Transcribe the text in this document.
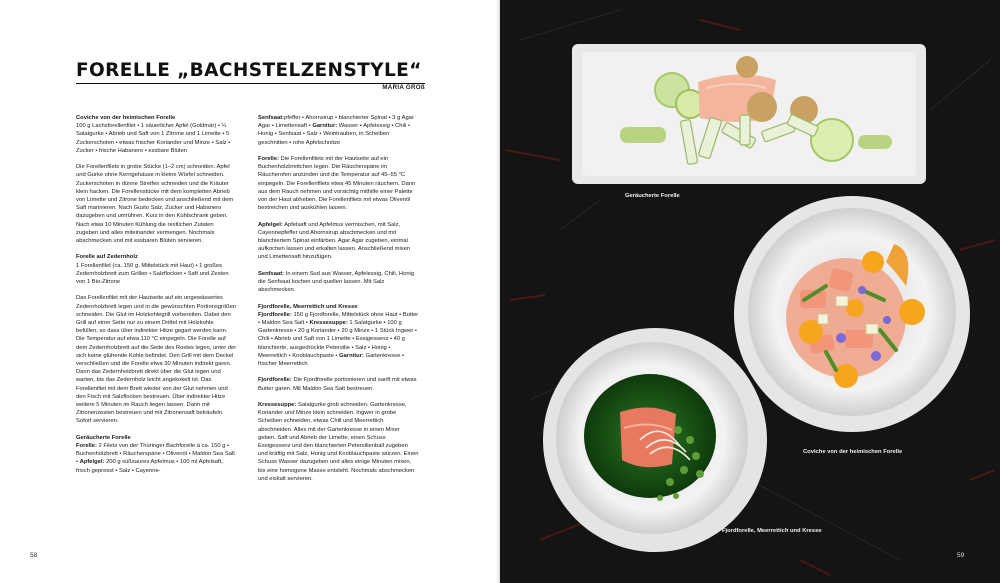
FORELLE „BACHSTELZENSTYLE“
MARIA GROß

Coviche von der heimischen Forelle

100 g Lachsforellenfilet • 1 säuerlicher Apfel (Goldmär) • ¼ Salatgurke • Abrieb und Saft von 1 Zitrone und 1 Limette • 5 Zuckerschoten • etwas frischer Koriander und Minze • Salz • Zucker • frische Habanero • essbare Blüten

Die Forellenfilets in grobe Stücke (1–2 cm) schneiden. Apfel und Gurke ohne Kerngehäuse in kleine Würfel schneiden. Zuckerschoten in dünne Streifen schneiden und die Kräuter klein hacken. Die Forellenstücke mit dem kompletten Abrieb von Limette und Zitrone bedecken und anschließend mit dem Saft marinieren. Nach Gusto Salz, Zucker und Habanero dazugeben und umrühren. Kurz in den Kühlschrank geben. Nach etwa 10 Minuten Kühlung die restlichen Zutaten zugeben und alles miteinander vermengen. Nochmals abschmecken und mit essbaren Blüten servieren.

Forelle auf Zedernholz

1 Forellenfilet (ca. 150 g, Mittelstück mit Haut) • 1 großes Zedernholzbrett zum Grillen • Salzflocken • Saft und Zesten von 1 Bio-Zitrone

Das Forellenfilet mit der Hautseite auf ein ungewässertes Zedernholzbrett legen und in die gewünschten Portionsgrößen schneiden. Die Glut im Holzkohlegrill vorbereiten. Dabei den Grill auf einer Seite nur zu einem Drittel mit Holzkohle befüllen, so dass über indirekter Hitze gegart werden kann. Die Temperatur auf etwa 110 °C einpegeln. Die Forelle auf dem Zedernholzbrett auf die Seite des Rostes legen, unter der sich keine glühende Kohle befindet. Den Grill mit dem Deckel verschließen und die Forelle etwa 30 Minuten indirekt garen. Dann das Zedernholzbrett direkt über die Glut legen und warten, bis das Zedernholz leicht angekokelt ist. Das Forellenfilet mit dem Brett wieder von der Glut nehmen und den Fisch mit Salzflocken bestreuen. Über indirekter Hitze weitere 5 Minuten im Rauch liegen lassen. Dann mit Zitronenzesten bestreuen und mit Zitronensaft beträufeln. Sofort servieren.

Geräucherte Forelle

Forelle: 2 Filets von der Thüringer Bachforelle à ca. 150 g • Buchenholzbrett • Räucherspäne • Olivenöl • Maldon Sea Salt • Apfelgel: 200 g süßsaures Apfelmus • 100 ml Apfelsaft, frisch gepresst • Salz • Cayenne-

Senfsaat:pfeffer • Ahornsirup • blanchierter Spinat • 3 g Agar Agar • Limettensaft • Garnitur: Wasser • Apfelessig • Chili • Honig • Senfsaat • Salz • Weintrauben, in Scheiben geschnitten • rohe Apfelschnitze

Forelle: Die Forellenfilets mit der Hautseite auf ein Buchenholzbrettchen legen. Die Räucherspäne im Räucherofen anzünden und die Temperatur auf 45–55 °C einpegeln. Die Forellenfilets etwa 45 Minuten räuchern. Dann aus dem Rauch nehmen und vorsichtig mithilfe einer Palette von der Haut abheben. Die Forellenfilets mit etwas Olivenöl bestreichen und auskühlen lassen.

Apfelgel: Apfelsaft und Apfelmus vermischen, mit Salz, Cayennepfeffer und Ahornsirup abschmecken und mit blanchiertem Spinat einfärben. Agar Agar zugeben, einmal aufkochen lassen und erkalten lassen. Anschließend mixen und Limettensaft hinzufügen.

Senfsaat: In einem Sud aus Wasser, Apfelessig, Chili, Honig die Senfsaat kochen und quellen lassen. Mit Salz abschmecken.

Fjordforelle, Meerrettich und Kresse

Fjordforelle: 150 g Fjordforelle, Mittelstück ohne Haut • Butter • Maldon Sea Salt • Kressesuppe: 1 Salatgurke • 100 g Gartenkresse • 20 g Koriander • 20 g Minze • 1 Stück Ingwer • Chili • Abrieb und Saft von 1 Limette • Essigessenz • 40 g blanchierte, ausgedrückte Petersilie • Salz • Honig • Meerrettich • Knoblauchpaste • Garnitur: Gartenkresse • frischer Meerrettich

Fjordforelle: Die Fjordforelle portionieren und sanft mit etwas Butter garen. Mit Maldon Sea Salt bestreuen.

Kressesuppe: Salatgurke grob schneiden. Gartenkresse, Koriander und Minze klein schneiden. Ingwer in grobe Scheiben schneiden, etwas Chili und Meerrettich abschneiden. Alles mit der Gartenkresse in einen Mixer geben. Saft und Abrieb der Limette, einen Schuss Essigessenz und den blanchierten Petersilienball zugeben und kräftig mit Salz, Honig und Knoblauchpaste würzen. Einen Schuss Wasser dazugeben und alles einige Minuten mixen, bis eine homogene Masse entsteht. Nochmals abschmecken und eiskalt servieren.

58
Geräucherte Forelle
Coviche von der heimischen Forelle
Fjordforelle, Meerrettich und Kresse
59
